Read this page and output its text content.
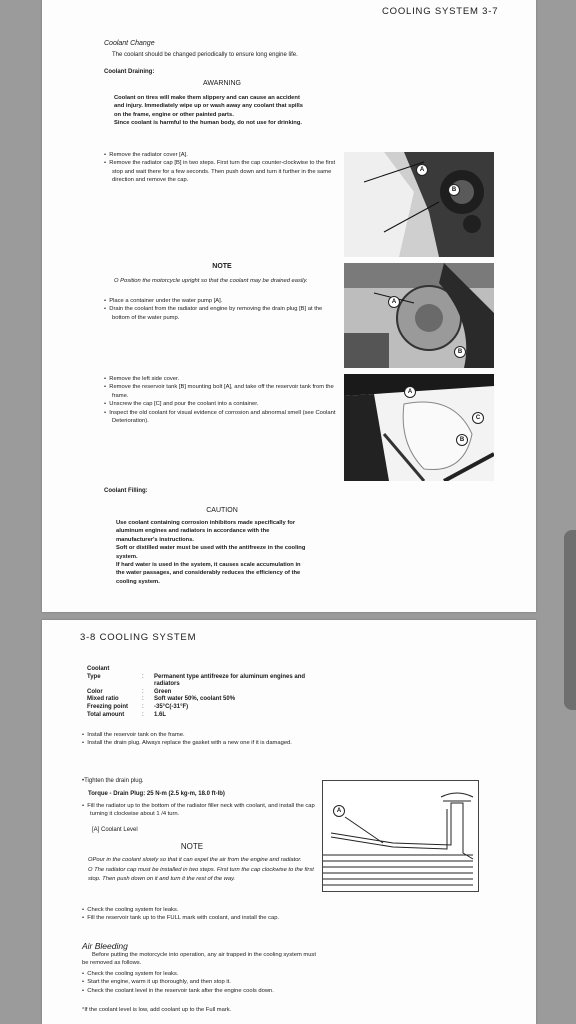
COOLING SYSTEM 3-7
Coolant Change
The coolant should be changed periodically to ensure long engine life.
Coolant Draining:
AWARNING
Coolant on tires will make them slippery and can cause an accident
and injury. Immediately wipe up or wash away any coolant that spills
on the frame, engine or other painted parts.
Since coolant is harmful to the human body, do not use for drinking.

•  Remove the radiator cover [A].

•  Remove the radiator cap [B] in two steps. First turn the cap counter-clockwise to the first stop and wait there for a few seconds. Then push down and turn it further in the same direction and remove the cap.

A
B
NOTE
O Position the motorcycle upright so that the coolant may be drained easily.

•  Place a container under the water pump [A].

•  Drain the coolant from the radiator and engine by removing the drain plug [B] at the bottom of the water pump.

A
B

•  Remove the left side cover.

•  Remove the reservoir tank [B] mounting bolt [A], and take off the reservoir tank from the frame.

•  Unscrew the cap [C] and pour the coolant into a container.

•  Inspect the old coolant for visual evidence of corrosion and abnormal smell (see Coolant Deterioration).

A
C
B
Coolant Filling:
CAUTION
Use coolant containing corrosion inhibitors made specifically for
aluminum engines and radiators in accordance with the
manufacturer's instructions.
Soft or distilled water must be used with the antifreeze in the cooling
system.
If hard water is used in the system, it causes scale accumulation in
the water passages, and considerably reduces the efficiency of the
cooling system.
3-8 COOLING SYSTEM
Coolant
Type	:	Permanent type antifreeze for aluminum engines and radiators
Color	:	Green
Mixed ratio	:	Soft water 50%, coolant 50%
Freezing point	:	-35°C(-31°F)
Total amount	:	1.6L

•  Install the reservoir tank on the frame.

•  Install the drain plug. Always replace the gasket with a new one if it is damaged.

•Tighten the drain plug.
Torque - Drain Plug: 25 N-m (2.5 kg-m, 18.0 ft-lb)

•  Fill the radiator up to the bottom of the radiator filler neck with coolant, and install the cap turning it clockwise about 1 /4 turn.

[A] Coolant Level
NOTE
OPour in the coolant slowly so that it can expel the air from the engine and radiator.
O The radiator cap must be installed in two steps. First turn the cap clockwise to the first stop. Then push down on it and turn it the rest of the way.

•  Check the cooling system for leaks.

•  Fill the reservoir tank up to the FULL mark with coolant, and install the cap.

Air Bleeding
Before putting the motorcycle into operation, any air trapped in the cooling system must be removed as follows.

•  Check the cooling system for leaks.

•  Start the engine, warm it up thoroughly, and then stop it.

•  Check the coolant level in the reservoir tank after the engine cools down.

°If the coolant level is low, add coolant up to the Full mark.
A
